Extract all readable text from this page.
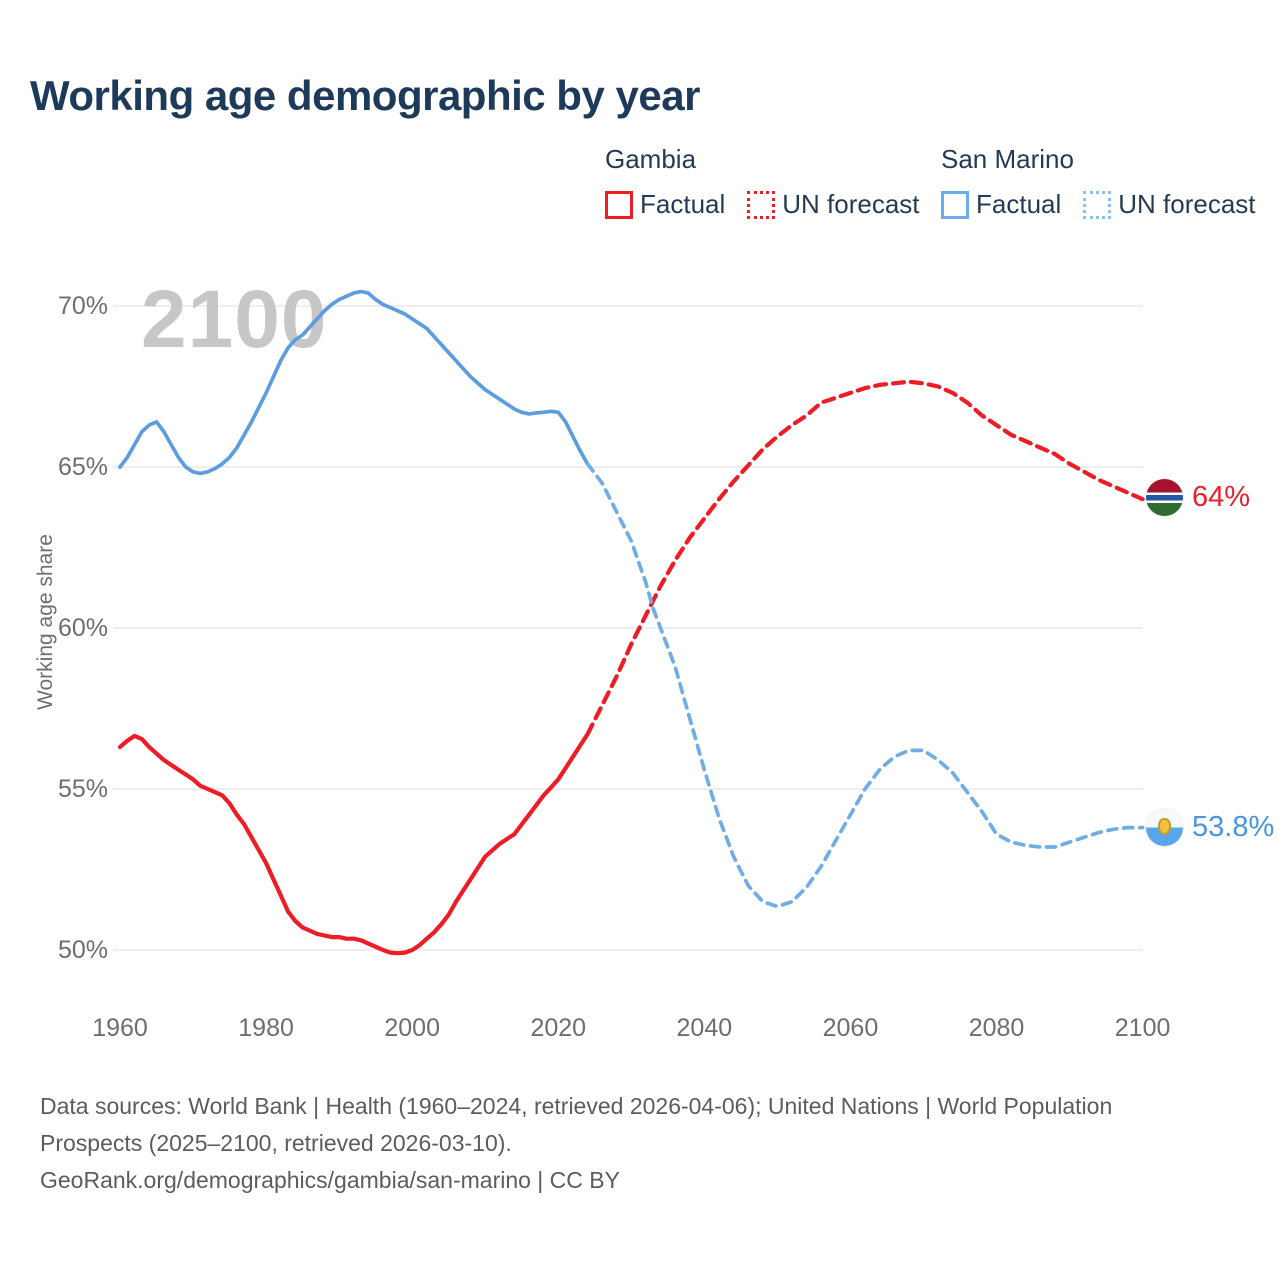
Working age demographic by year
Gambia
Factual UN forecast
San Marino
Factual UN forecast
2100
Working age share
50%
55%
60%
65%
70%
1960	1980	2000	2020	2040	2060	2080	2100
64%
53.8%

Data sources: World Bank | Health (1960–2024, retrieved 2026-04-06); United Nations | World Population Prospects (2025–2100, retrieved 2026-03-10).

GeoRank.org/demographics/gambia/san-marino | CC BY
